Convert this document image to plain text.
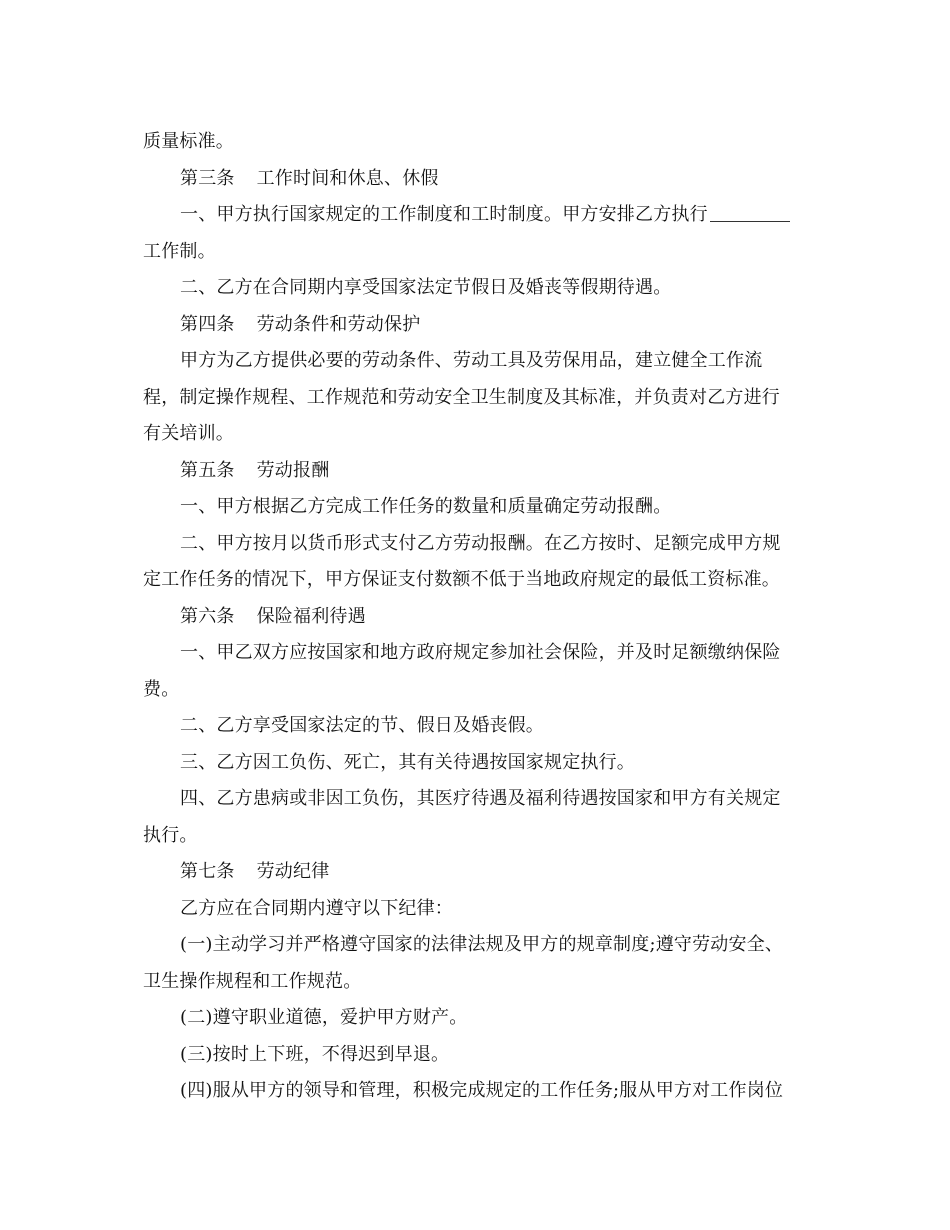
质量标准。
第三条 工作时间和休息、休假
一、甲方执行国家规定的工作制度和工时制度。甲方安排乙方执行
工作制。
二、乙方在合同期内享受国家法定节假日及婚丧等假期待遇。
第四条 劳动条件和劳动保护
甲方为乙方提供必要的劳动条件、劳动工具及劳保用品，建立健全工作流
程，制定操作规程、工作规范和劳动安全卫生制度及其标准，并负责对乙方进行
有关培训。
第五条 劳动报酬
一、甲方根据乙方完成工作任务的数量和质量确定劳动报酬。
二、甲方按月以货币形式支付乙方劳动报酬。在乙方按时、足额完成甲方规
定工作任务的情况下，甲方保证支付数额不低于当地政府规定的最低工资标准。
第六条 保险福利待遇
一、甲乙双方应按国家和地方政府规定参加社会保险，并及时足额缴纳保险
费。
二、乙方享受国家法定的节、假日及婚丧假。
三、乙方因工负伤、死亡，其有关待遇按国家规定执行。
四、乙方患病或非因工负伤，其医疗待遇及福利待遇按国家和甲方有关规定
执行。
第七条 劳动纪律
乙方应在合同期内遵守以下纪律：
(一)主动学习并严格遵守国家的法律法规及甲方的规章制度;遵守劳动安全、
卫生操作规程和工作规范。
(二)遵守职业道德，爱护甲方财产。
(三)按时上下班，不得迟到早退。
(四)服从甲方的领导和管理，积极完成规定的工作任务;服从甲方对工作岗位
